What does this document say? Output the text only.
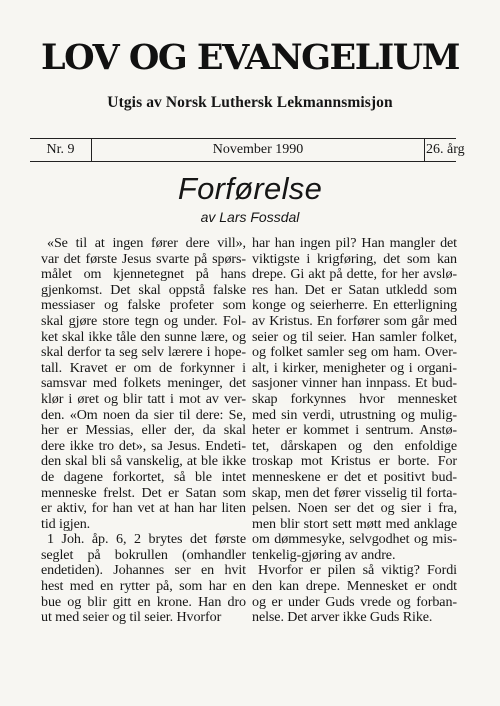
LOV OG EVANGELIUM
Utgis av Norsk Luthersk Lekmannsmisjon
Nr. 9	November 1990	26. årg
Forførelse
av Lars Fossdal
«Se til at ingen fører dere vill»,
var det første Jesus svarte på spørs-
målet om kjennetegnet på hans
gjenkomst. Det skal oppstå falske
messiaser og falske profeter som
skal gjøre store tegn og under. Fol-
ket skal ikke tåle den sunne lære, og
skal derfor ta seg selv lærere i hope-
tall. Kravet er om de forkynner i
samsvar med folkets meninger, det
klør i øret og blir tatt i mot av ver-
den. «Om noen da sier til dere: Se,
her er Messias, eller der, da skal
dere ikke tro det», sa Jesus. Endeti-
den skal bli så vanskelig, at ble ikke
de dagene forkortet, så ble intet
menneske frelst. Det er Satan som
er aktiv, for han vet at han har liten
tid igjen.
1 Joh. åp. 6, 2 brytes det første
seglet på bokrullen (omhandler
endetiden). Johannes ser en hvit
hest med en rytter på, som har en
bue og blir gitt en krone. Han dro
ut med seier og til seier. Hvorfor
har han ingen pil? Han mangler det
viktigste i krigføring, det som kan
drepe. Gi akt på dette, for her avslø-
res han. Det er Satan utkledd som
konge og seierherre. En etterligning
av Kristus. En forfører som går med
seier og til seier. Han samler folket,
og folket samler seg om ham. Over-
alt, i kirker, menigheter og i organi-
sasjoner vinner han innpass. Et bud-
skap forkynnes hvor mennesket
med sin verdi, utrustning og mulig-
heter er kommet i sentrum. Anstø-
tet, dårskapen og den enfoldige
troskap mot Kristus er borte. For
menneskene er det et positivt bud-
skap, men det fører visselig til forta-
pelsen. Noen ser det og sier i fra,
men blir stort sett møtt med anklage
om dømmesyke, selvgodhet og mis-
tenkelig-gjøring av andre.
Hvorfor er pilen så viktig? Fordi
den kan drepe. Mennesket er ondt
og er under Guds vrede og forban-
nelse. Det arver ikke Guds Rike.
